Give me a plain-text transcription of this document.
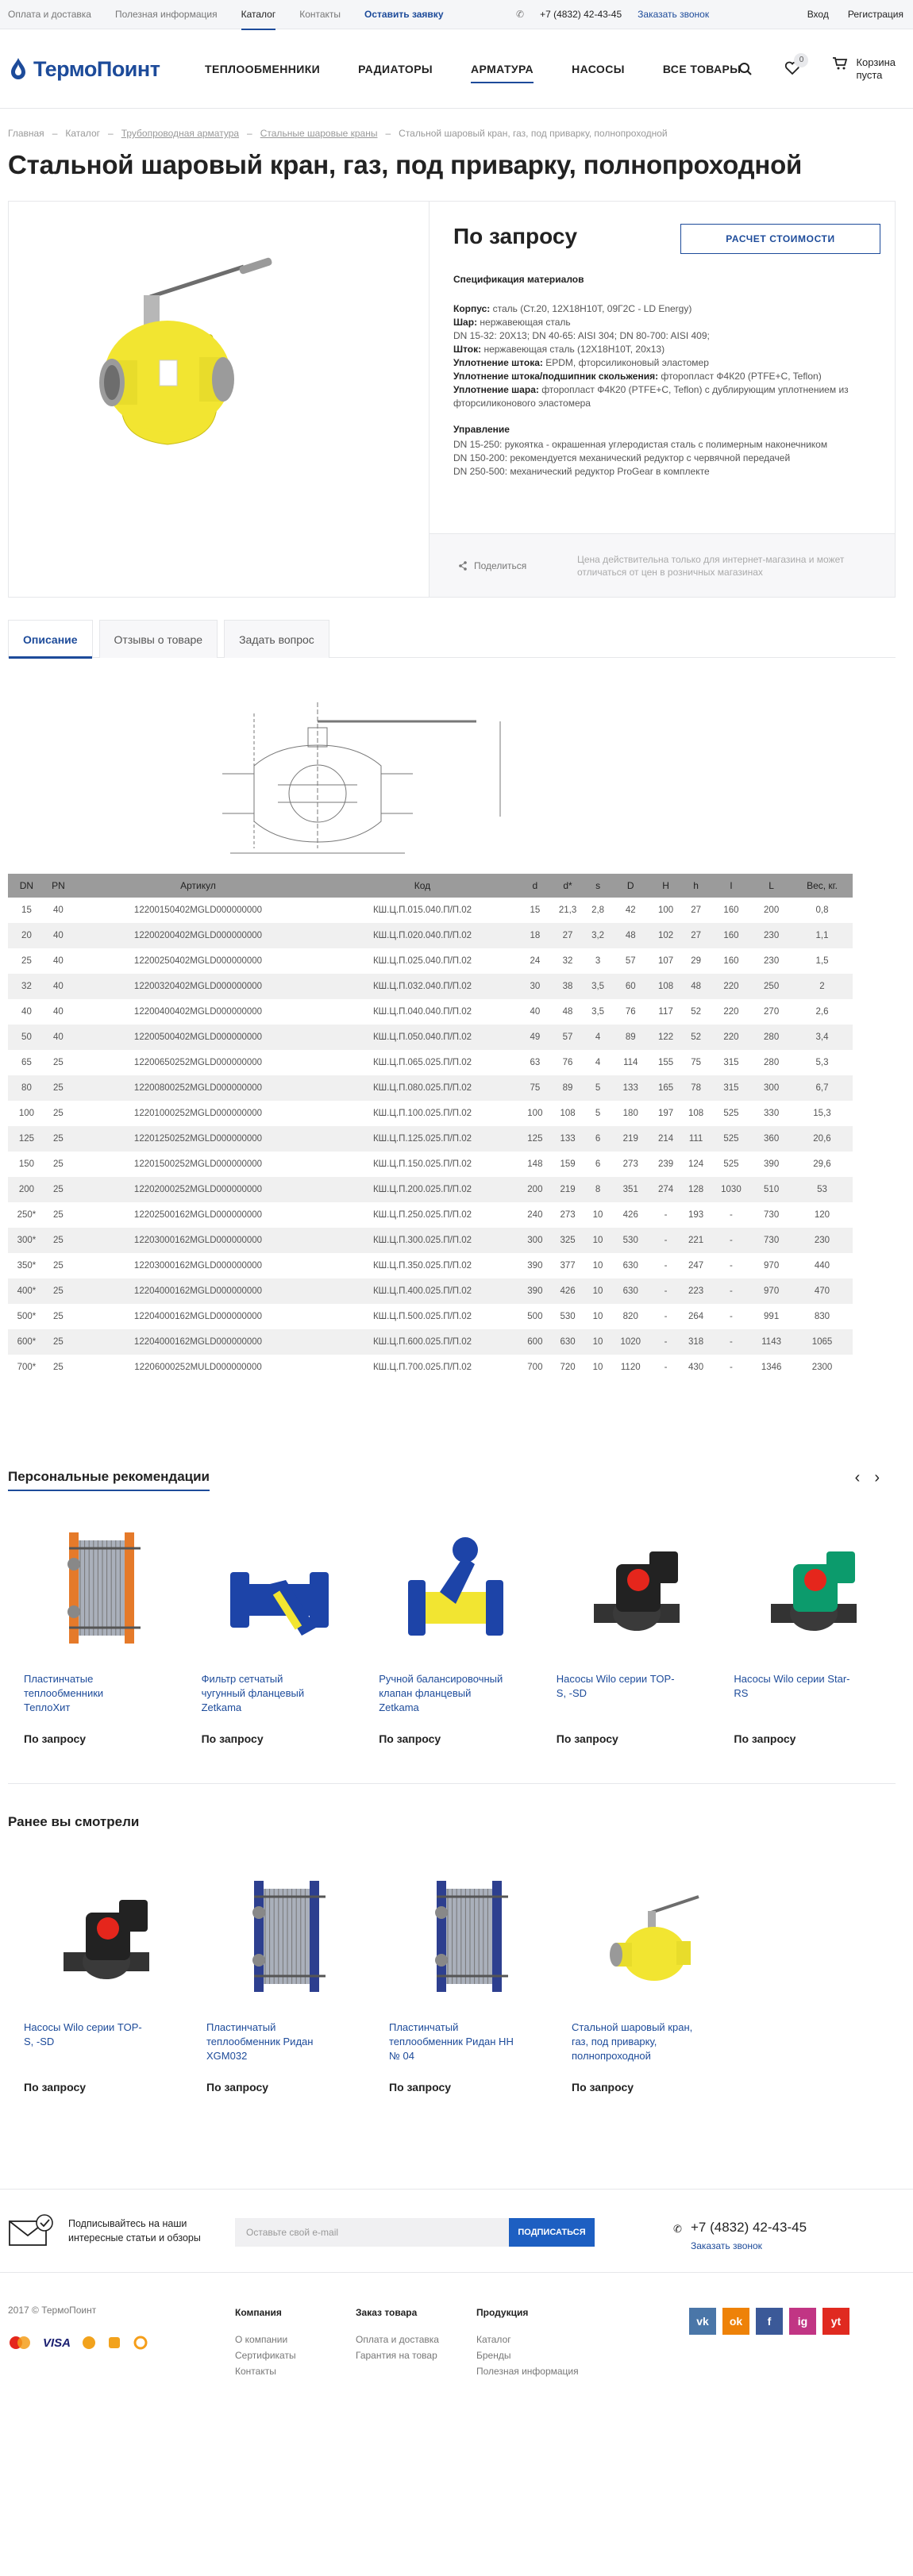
Оплата и доставка	Полезная информация	Каталог	Контакты	Оставить заявку	✆ +7 (4832) 42-43-45 Заказать звонок	Вход Регистрация
ТермоПоинт	ТЕПЛООБМЕННИКИ	РАДИАТОРЫ	АРМАТУРА	НАСОСЫ	ВСЕ ТОВАРЫ
0	Корзина
пуста
Главная – Каталог – Трубопроводная арматура – Стальные шаровые краны – Стальной шаровый кран, газ, под приварку, полнопроходной
Стальной шаровый кран, газ, под приварку, полнопроходной
По запросу	РАСЧЕТ СТОИМОСТИ
Спецификация материалов
Корпус: сталь (Ст.20, 12Х18Н10Т, 09Г2С - LD Energy)
Шар: нержавеющая сталь
DN 15-32: 20Х13; DN 40-65: AISI 304; DN 80-700: AISI 409;
Шток: нержавеющая сталь (12Х18Н10Т, 20х13)
Уплотнение штока: EPDM, фторсиликоновый эластомер
Уплотнение штока/подшипник скольжения: фторопласт Ф4К20 (PTFE+C, Teflon)
Уплотнение шара: фторопласт Ф4К20 (PTFE+C, Teflon) с дублирующим уплотнением из фторсиликонового эластомера
Управление
DN 15-250: рукоятка - окрашенная углеродистая сталь с полимерным наконечником
DN 150-200: рекомендуется механический редуктор с червячной передачей
DN 250-500: механический редуктор ProGear в комплекте
Поделиться
Цена действительна только для интернет-магазина и может отличаться от цен в розничных магазинах
Описание	Отзывы о товаре	Задать вопрос
DN	PN	Артикул	Код	d	d*	s	D	H	h	l	L	Вес, кг.
15	40	12200150402MGLD000000000	КШ.Ц.П.015.040.П/П.02	15	21,3	2,8	42	100	27	160	200	0,8
20	40	12200200402MGLD000000000	КШ.Ц.П.020.040.П/П.02	18	27	3,2	48	102	27	160	230	1,1
25	40	12200250402MGLD000000000	КШ.Ц.П.025.040.П/П.02	24	32	3	57	107	29	160	230	1,5
32	40	12200320402MGLD000000000	КШ.Ц.П.032.040.П/П.02	30	38	3,5	60	108	48	220	250	2
40	40	12200400402MGLD000000000	КШ.Ц.П.040.040.П/П.02	40	48	3,5	76	117	52	220	270	2,6
50	40	12200500402MGLD000000000	КШ.Ц.П.050.040.П/П.02	49	57	4	89	122	52	220	280	3,4
65	25	12200650252MGLD000000000	КШ.Ц.П.065.025.П/П.02	63	76	4	114	155	75	315	280	5,3
80	25	12200800252MGLD000000000	КШ.Ц.П.080.025.П/П.02	75	89	5	133	165	78	315	300	6,7
100	25	12201000252MGLD000000000	КШ.Ц.П.100.025.П/П.02	100	108	5	180	197	108	525	330	15,3
125	25	12201250252MGLD000000000	КШ.Ц.П.125.025.П/П.02	125	133	6	219	214	111	525	360	20,6
150	25	12201500252MGLD000000000	КШ.Ц.П.150.025.П/П.02	148	159	6	273	239	124	525	390	29,6
200	25	12202000252MGLD000000000	КШ.Ц.П.200.025.П/П.02	200	219	8	351	274	128	1030	510	53
250*	25	12202500162MGLD000000000	КШ.Ц.П.250.025.П/П.02	240	273	10	426	-	193	-	730	120
300*	25	12203000162MGLD000000000	КШ.Ц.П.300.025.П/П.02	300	325	10	530	-	221	-	730	230
350*	25	12203000162MGLD000000000	КШ.Ц.П.350.025.П/П.02	390	377	10	630	-	247	-	970	440
400*	25	12204000162MGLD000000000	КШ.Ц.П.400.025.П/П.02	390	426	10	630	-	223	-	970	470
500*	25	12204000162MGLD000000000	КШ.Ц.П.500.025.П/П.02	500	530	10	820	-	264	-	991	830
600*	25	12204000162MGLD000000000	КШ.Ц.П.600.025.П/П.02	600	630	10	1020	-	318	-	1143	1065
700*	25	12206000252MULD000000000	КШ.Ц.П.700.025.П/П.02	700	720	10	1120	-	430	-	1346	2300
Персональные рекомендации	‹ ›
Пластинчатые теплообменники ТеплоХит
По запросу
Фильтр сетчатый чугунный фланцевый Zetkama
По запросу
Ручной балансировочный клапан фланцевый Zetkama
По запросу
Насосы Wilo серии TOP-S, -SD
По запросу
Насосы Wilo серии Star-RS
По запросу
Ранее вы смотрели
Насосы Wilo серии TOP-S, -SD
По запросу
Пластинчатый теплообменник Ридан XGM032
По запросу
Пластинчатый теплообменник Ридан НН № 04
По запросу
Стальной шаровый кран, газ, под приварку, полнопроходной
По запросу
Подписывайтесь на наши интересные статьи и обзоры	Оставьте свой e-mail	ПОДПИСАТЬСЯ	✆ +7 (4832) 42-43-45
Заказать звонок
2017 © ТермоПоинт
VISA
Компания
О компании
Сертификаты
Контакты
Заказ товара
Оплата и доставка
Гарантия на товар
Продукция
Каталог
Бренды
Полезная информация
vk	ok	f	ig	yt
